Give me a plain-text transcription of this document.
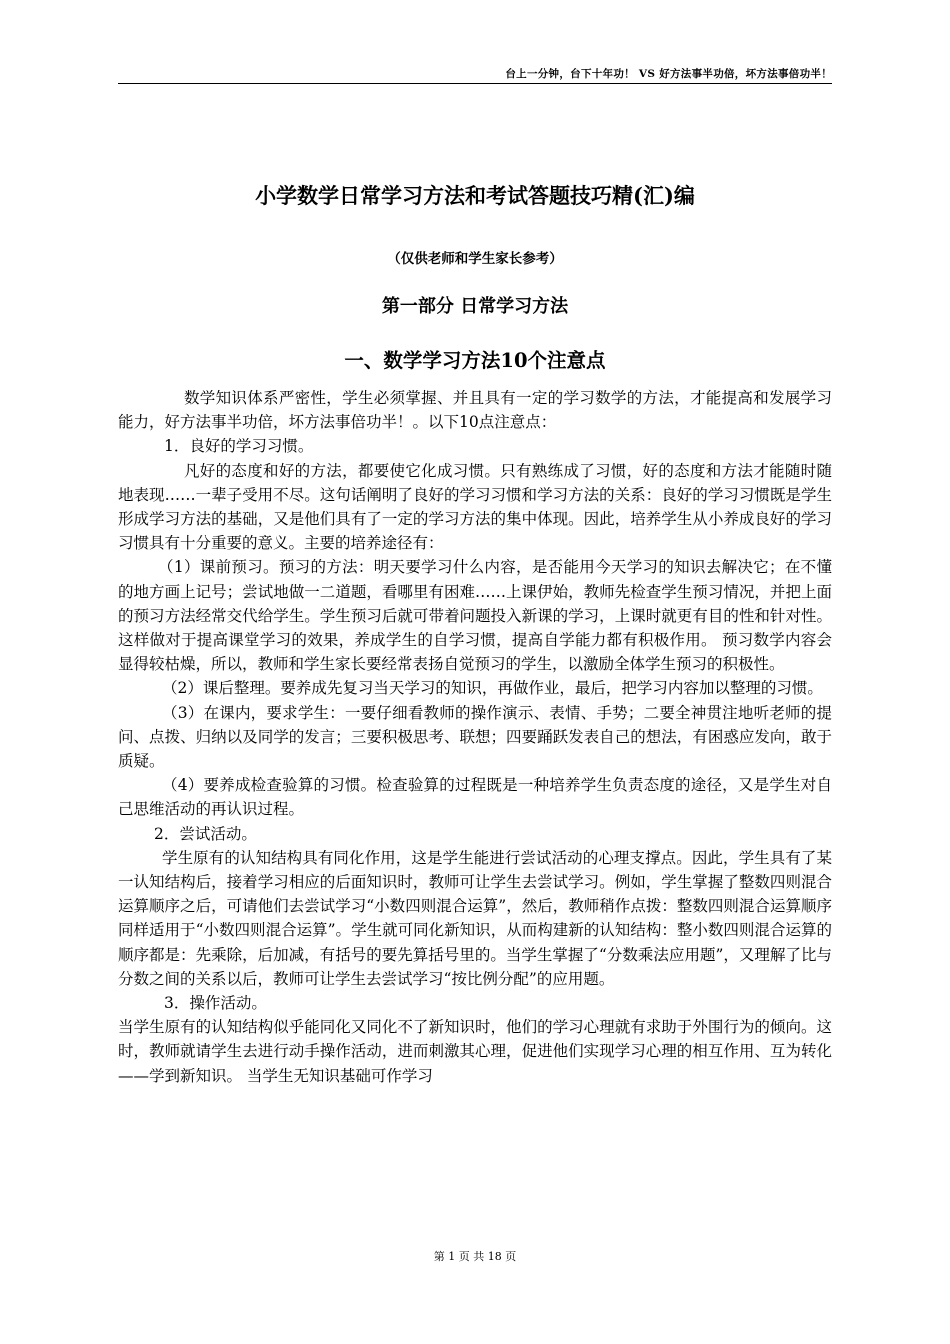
台上一分钟，台下十年功！ VS 好方法事半功倍，坏方法事倍功半！
小学数学日常学习方法和考试答题技巧精(汇)编
（仅供老师和学生家长参考）
第一部分 日常学习方法
一、数学学习方法10个注意点

数学知识体系严密性，学生必须掌握、并且具有一定的学习数学的方法，才能提高和发展学习能力，好方法事半功倍，坏方法事倍功半！。以下10点注意点：

1．良好的学习习惯。

凡好的态度和好的方法，都要使它化成习惯。只有熟练成了习惯，好的态度和方法才能随时随地表现……一辈子受用不尽。这句话阐明了良好的学习习惯和学习方法的关系：良好的学习习惯既是学生形成学习方法的基础，又是他们具有了一定的学习方法的集中体现。因此，培养学生从小养成良好的学习习惯具有十分重要的意义。主要的培养途径有：

（1）课前预习。预习的方法：明天要学习什么内容，是否能用今天学习的知识去解决它；在不懂的地方画上记号；尝试地做一二道题，看哪里有困难……上课伊始，教师先检查学生预习情况，并把上面的预习方法经常交代给学生。学生预习后就可带着问题投入新课的学习，上课时就更有目的性和针对性。这样做对于提高课堂学习的效果，养成学生的自学习惯，提高自学能力都有积极作用。 预习数学内容会显得较枯燥，所以，教师和学生家长要经常表扬自觉预习的学生，以激励全体学生预习的积极性。

（2）课后整理。要养成先复习当天学习的知识，再做作业，最后，把学习内容加以整理的习惯。

（3）在课内，要求学生：一要仔细看教师的操作演示、表情、手势；二要全神贯注地听老师的提问、点拨、归纳以及同学的发言；三要积极思考、联想；四要踊跃发表自己的想法，有困惑应发向，敢于质疑。

（4）要养成检查验算的习惯。检查验算的过程既是一种培养学生负责态度的途径，又是学生对自己思维活动的再认识过程。

2．尝试活动。

学生原有的认知结构具有同化作用，这是学生能进行尝试活动的心理支撑点。因此，学生具有了某一认知结构后，接着学习相应的后面知识时，教师可让学生去尝试学习。例如，学生掌握了整数四则混合运算顺序之后，可请他们去尝试学习“小数四则混合运算”，然后，教师稍作点拨：整数四则混合运算顺序同样适用于“小数四则混合运算”。学生就可同化新知识，从而构建新的认知结构：整小数四则混合运算的顺序都是：先乘除，后加减，有括号的要先算括号里的。当学生掌握了“分数乘法应用题”，又理解了比与分数之间的关系以后，教师可让学生去尝试学习“按比例分配”的应用题。

3．操作活动。

当学生原有的认知结构似乎能同化又同化不了新知识时，他们的学习心理就有求助于外围行为的倾向。这时，教师就请学生去进行动手操作活动，进而刺激其心理，促进他们实现学习心理的相互作用、互为转化——学到新知识。 当学生无知识基础可作学习

第 1 页 共 18 页
